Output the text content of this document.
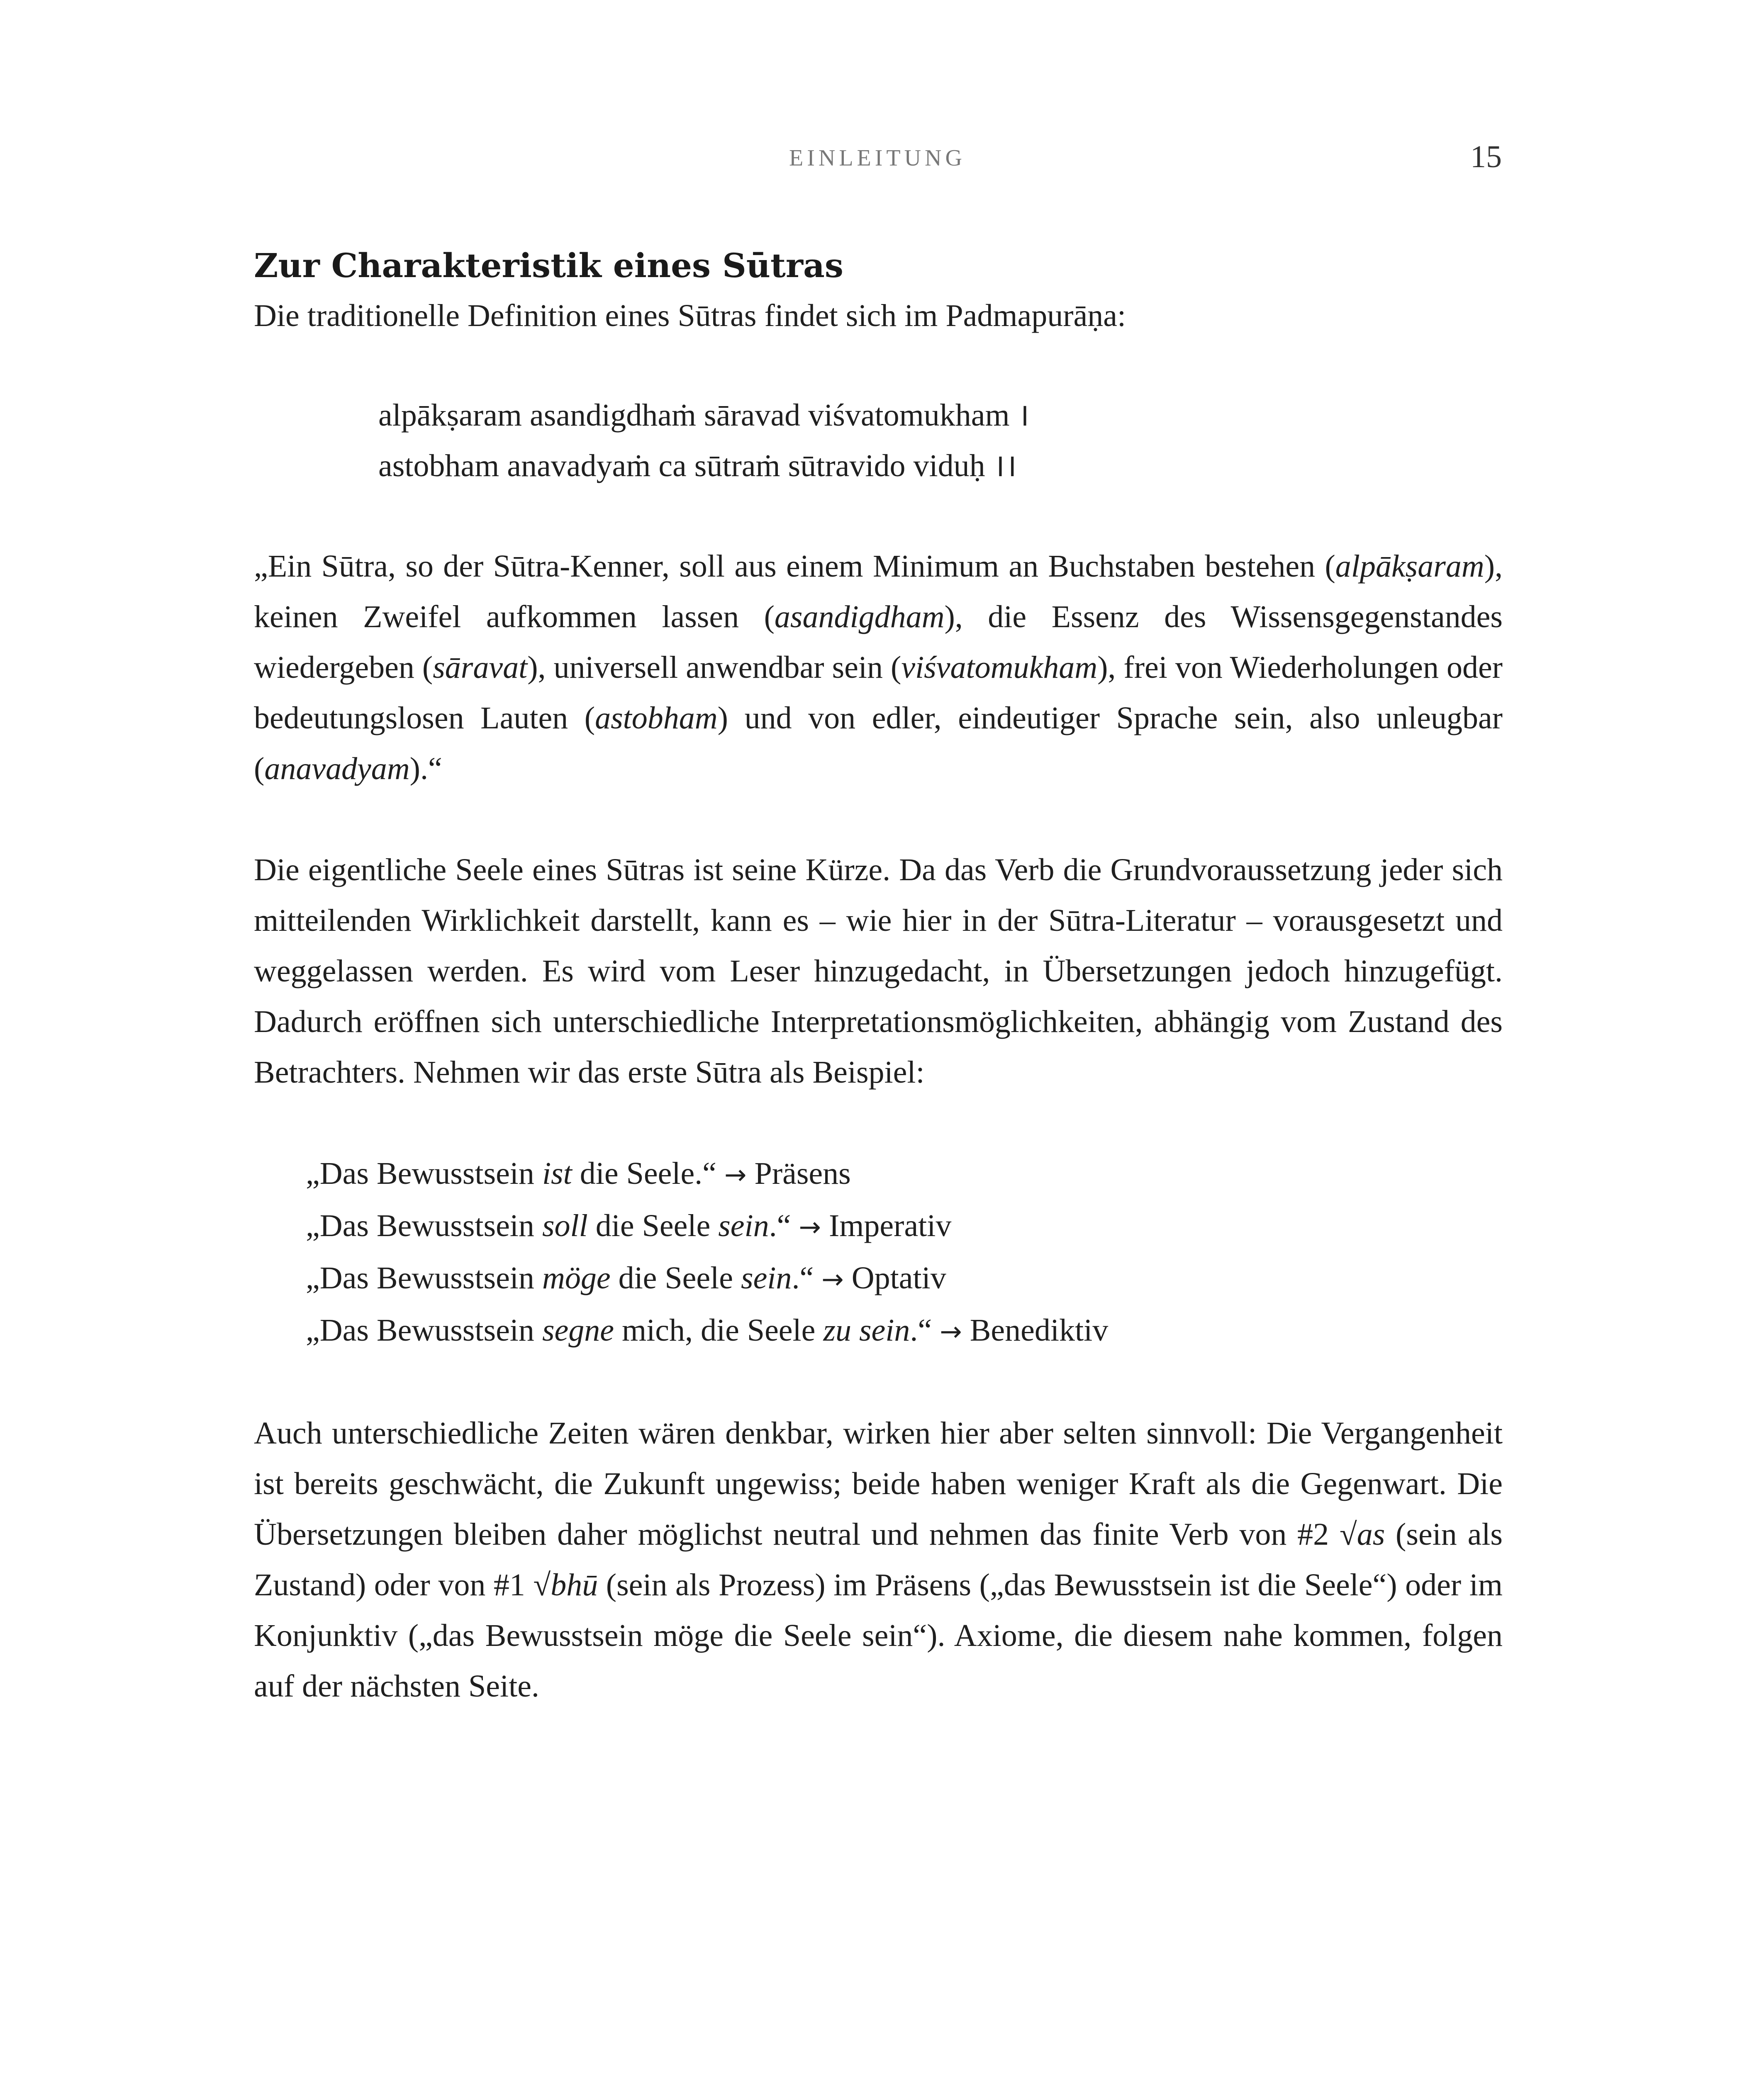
EINLEITUNG	15
Zur Charakteristik eines Sūtras

Die traditionelle Definition eines Sūtras findet sich im Padmapurāṇa:

alpākṣaram asandigdhaṁ sāravad viśvatomukham ।
astobham anavadyaṁ ca sūtraṁ sūtravido viduḥ ।।

„Ein Sūtra, so der Sūtra-Kenner, soll aus einem Minimum an Buchstaben bestehen (alpākṣaram), keinen Zweifel aufkommen lassen (asandigdham), die Essenz des Wissensgegenstandes wiedergeben (sāravat), universell anwendbar sein (viśvatomukham), frei von Wiederholungen oder bedeutungslosen Lauten (astobham) und von edler, eindeutiger Sprache sein, also unleugbar (anavadyam).“

Die eigentliche Seele eines Sūtras ist seine Kürze. Da das Verb die Grundvoraussetzung jeder sich mitteilenden Wirklichkeit darstellt, kann es – wie hier in der Sūtra-Literatur – vorausgesetzt und weggelassen werden. Es wird vom Leser hinzugedacht, in Übersetzungen jedoch hinzugefügt. Dadurch eröffnen sich unterschiedliche Interpretationsmöglichkeiten, abhängig vom Zustand des Betrachters. Nehmen wir das erste Sūtra als Beispiel:

„Das Bewusstsein ist die Seele.“ → Präsens
„Das Bewusstsein soll die Seele sein.“ → Imperativ
„Das Bewusstsein möge die Seele sein.“ → Optativ
„Das Bewusstsein segne mich, die Seele zu sein.“ → Benediktiv

Auch unterschiedliche Zeiten wären denkbar, wirken hier aber selten sinnvoll: Die Vergangenheit ist bereits geschwächt, die Zukunft ungewiss; beide haben weniger Kraft als die Gegenwart. Die Übersetzungen bleiben daher möglichst neutral und nehmen das finite Verb von #2 √as (sein als Zustand) oder von #1 √bhū (sein als Prozess) im Präsens („das Bewusstsein ist die Seele“) oder im Konjunktiv („das Bewusstsein möge die Seele sein“). Axiome, die diesem nahe kommen, folgen auf der nächsten Seite.
